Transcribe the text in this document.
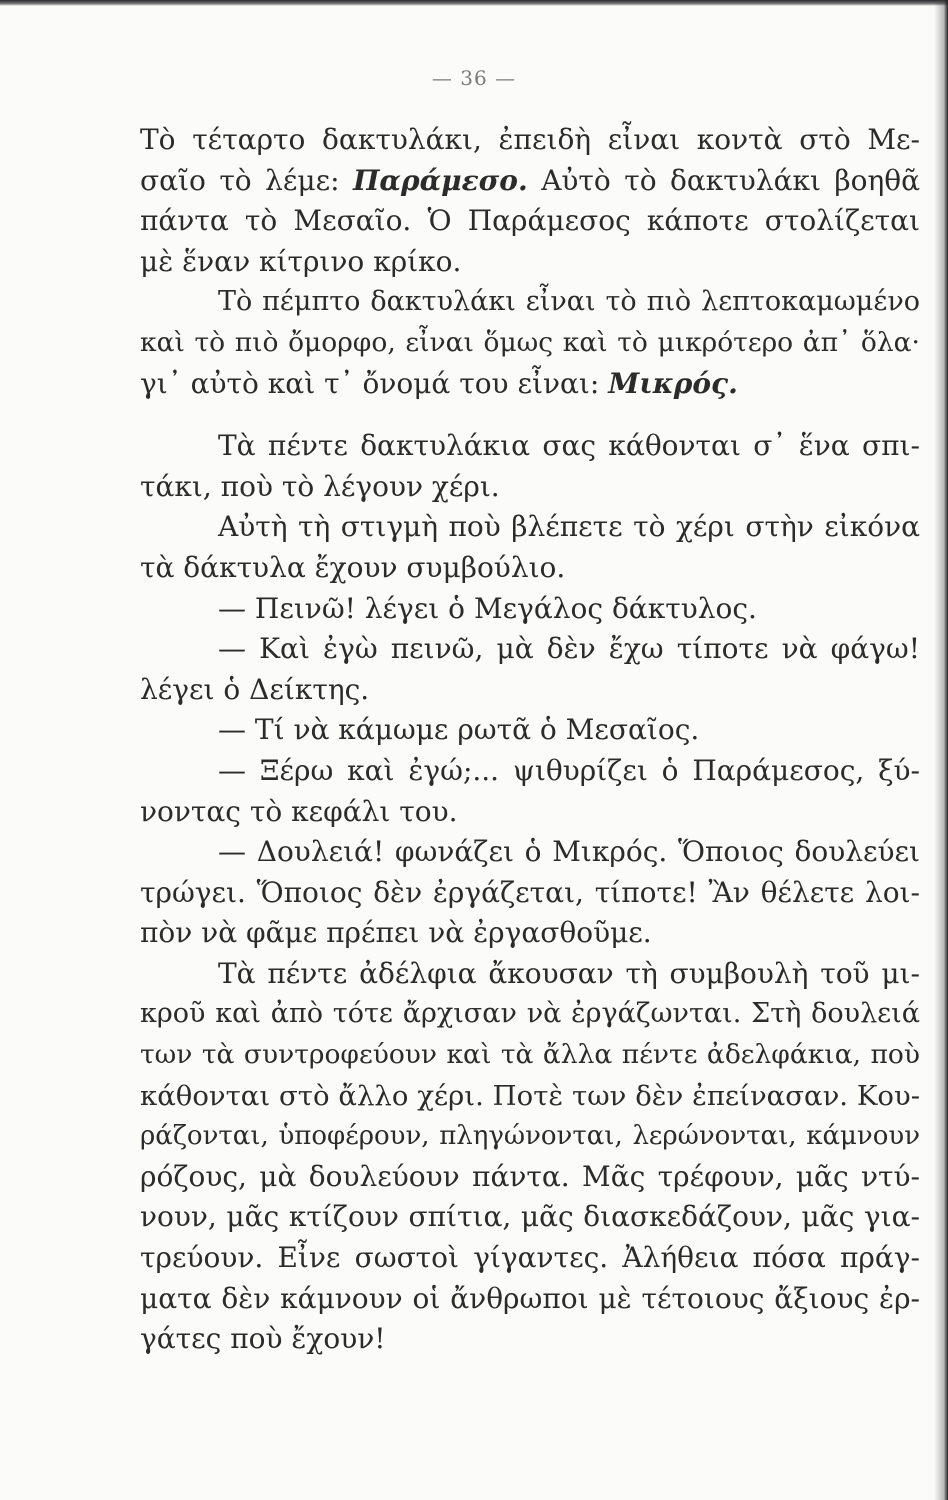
— 36 —
Τὸ τέταρτο δακτυλάκι, ἐπειδὴ εἶναι κοντὰ στὸ Με-
σαῖο τὸ λέμε: Παράμεσο. Αὐτὸ τὸ δακτυλάκι βοηθᾶ
πάντα τὸ Μεσαῖο. Ὁ Παράμεσος κάποτε στολίζεται
μὲ ἕναν κίτρινο κρίκο.
Τὸ πέμπτο δακτυλάκι εἶναι τὸ πιὸ λεπτοκαμωμένο
καὶ τὸ πιὸ ὄμορφο, εἶναι ὅμως καὶ τὸ μικρότερο ἀπ᾿ ὅλα·
γι᾿ αὐτὸ καὶ τ᾿ ὄνομά του εἶναι: Μικρός.
Τὰ πέντε δακτυλάκια σας κάθονται σ᾿ ἕνα σπι-
τάκι, ποὺ τὸ λέγουν χέρι.
Αὐτὴ τὴ στιγμὴ ποὺ βλέπετε τὸ χέρι στὴν εἰκόνα
τὰ δάκτυλα ἔχουν συμβούλιο.
— Πεινῶ! λέγει ὁ Μεγάλος δάκτυλος.
— Καὶ ἐγὼ πεινῶ, μὰ δὲν ἔχω τίποτε νὰ φάγω!
λέγει ὁ Δείκτης.
— Τί νὰ κάμωμε ρωτᾶ ὁ Μεσαῖος.
— Ξέρω καὶ ἐγώ;... ψιθυρίζει ὁ Παράμεσος, ξύ-
νοντας τὸ κεφάλι του.
— Δουλειά! φωνάζει ὁ Μικρός. Ὅποιος δουλεύει
τρώγει. Ὅποιος δὲν ἐργάζεται, τίποτε! Ἂν θέλετε λοι-
πὸν νὰ φᾶμε πρέπει νὰ ἐργασθοῦμε.
Τὰ πέντε ἀδέλφια ἄκουσαν τὴ συμβουλὴ τοῦ μι-
κροῦ καὶ ἀπὸ τότε ἄρχισαν νὰ ἐργάζωνται. Στὴ δουλειά
των τὰ συντροφεύουν καὶ τὰ ἄλλα πέντε ἀδελφάκια, ποὺ
κάθονται στὸ ἄλλο χέρι. Ποτὲ των δὲν ἐπείνασαν. Κου-
ράζονται, ὑποφέρουν, πληγώνονται, λερώνονται, κάμνουν
ρόζους, μὰ δουλεύουν πάντα. Μᾶς τρέφουν, μᾶς ντύ-
νουν, μᾶς κτίζουν σπίτια, μᾶς διασκεδάζουν, μᾶς για-
τρεύουν. Εἶνε σωστοὶ γίγαντες. Ἀλήθεια πόσα πράγ-
ματα δὲν κάμνουν οἱ ἄνθρωποι μὲ τέτοιους ἄξιους ἐρ-
γάτες ποὺ ἔχουν!
